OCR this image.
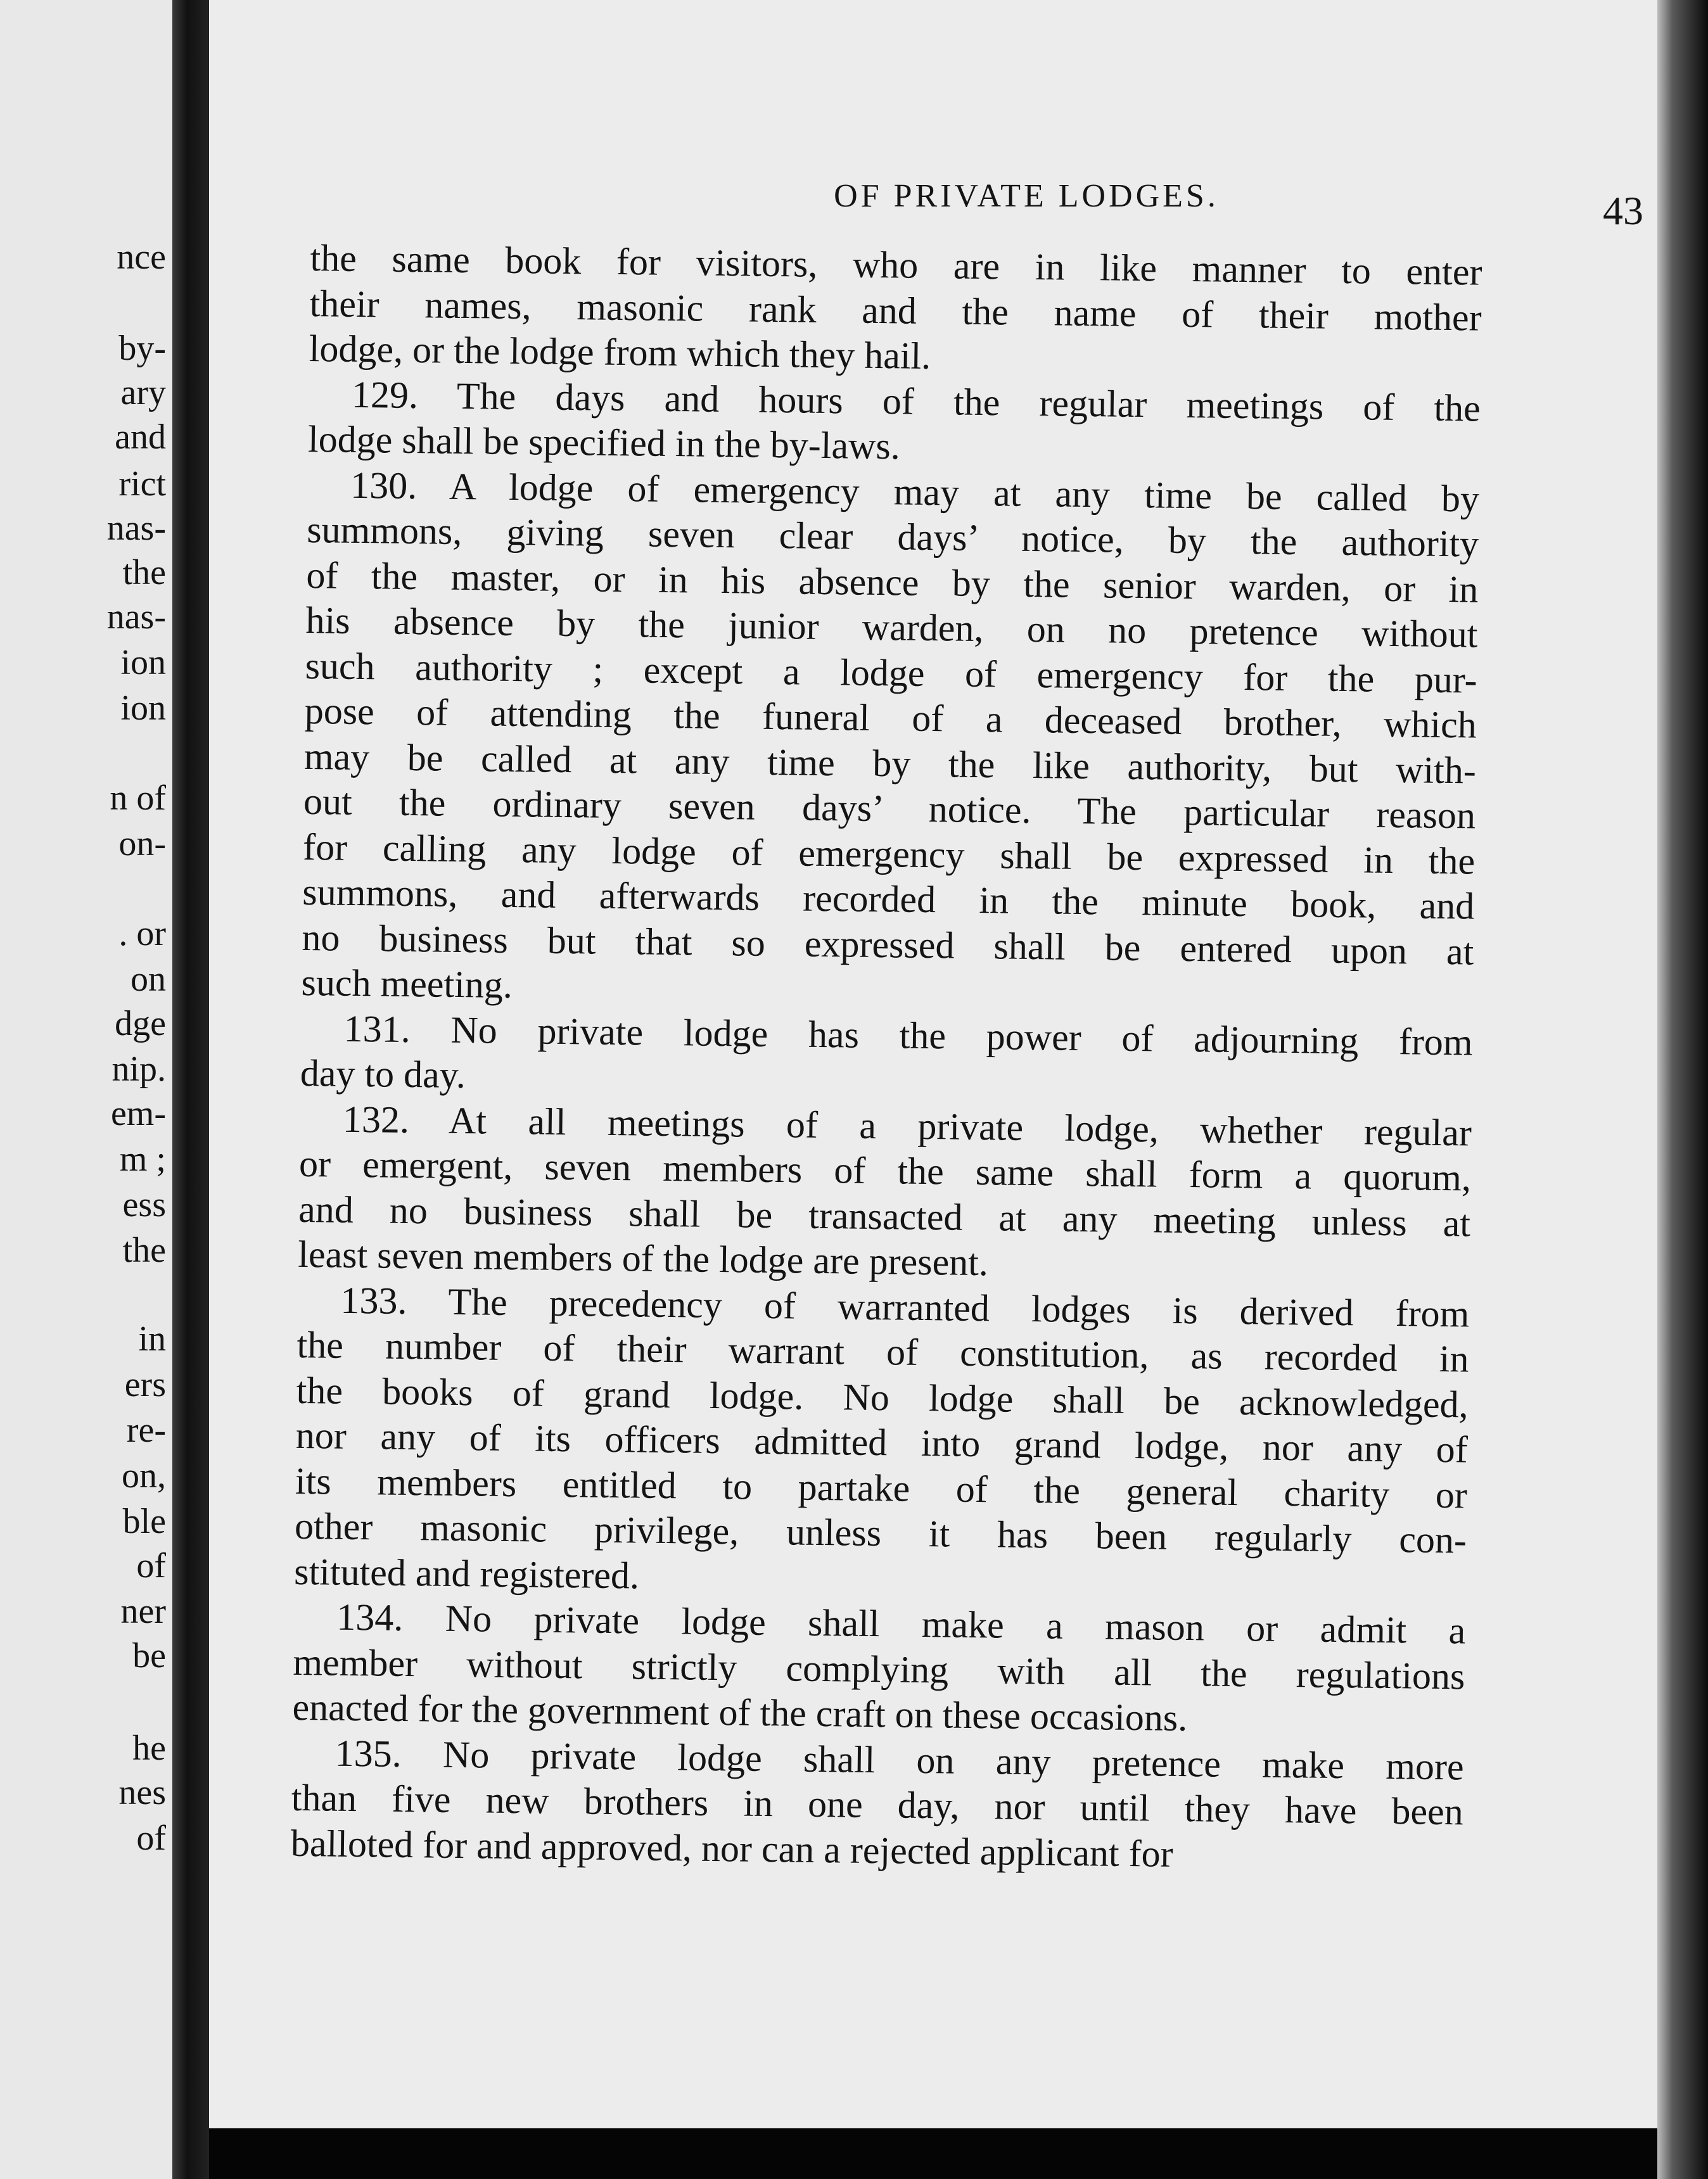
nce
by-
ary
and
rict
nas-
the
nas-
ion
ion
n of
on-
. or
on
dge
nip.
em-
m ;
ess
the
in
ers
re-
on,
ble
of
ner
be
he
nes
of
OF PRIVATE LODGES.	43
the same book for visitors, who are in like manner to enter
their names, masonic rank and the name of their mother
lodge, or the lodge from which they hail.
129. The days and hours of the regular meetings of the
lodge shall be specified in the by-laws.
130. A lodge of emergency may at any time be called by
summons, giving seven clear days’ notice, by the authority
of the master, or in his absence by the senior warden, or in
his absence by the junior warden, on no pretence without
such authority ; except a lodge of emergency for the pur-
pose of attending the funeral of a deceased brother, which
may be called at any time by the like authority, but with-
out the ordinary seven days’ notice. The particular reason
for calling any lodge of emergency shall be expressed in the
summons, and afterwards recorded in the minute book, and
no business but that so expressed shall be entered upon at
such meeting.
131. No private lodge has the power of adjourning from
day to day.
132. At all meetings of a private lodge, whether regular
or emergent, seven members of the same shall form a quorum,
and no business shall be transacted at any meeting unless at
least seven members of the lodge are present.
133. The precedency of warranted lodges is derived from
the number of their warrant of constitution, as recorded in
the books of grand lodge. No lodge shall be acknowledged,
nor any of its officers admitted into grand lodge, nor any of
its members entitled to partake of the general charity or
other masonic privilege, unless it has been regularly con-
stituted and registered.
134. No private lodge shall make a mason or admit a
member without strictly complying with all the regulations
enacted for the government of the craft on these occasions.
135. No private lodge shall on any pretence make more
than five new brothers in one day, nor until they have been
balloted for and approved, nor can a rejected applicant for
